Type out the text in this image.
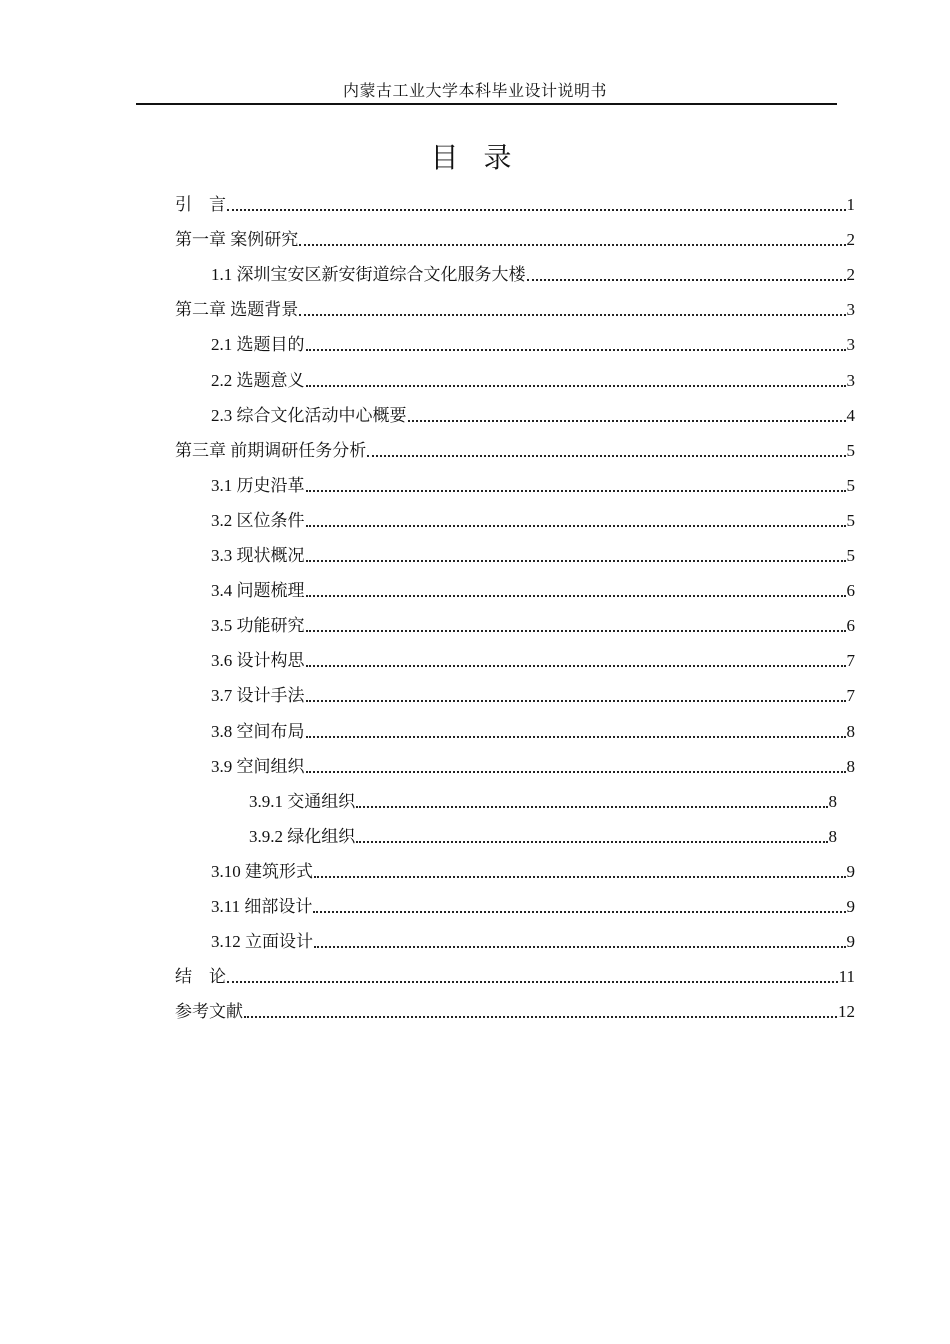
内蒙古工业大学本科毕业设计说明书
目 录
引　言	1
第一章 案例研究	2
1.1 深圳宝安区新安街道综合文化服务大楼	2
第二章 选题背景	3
2.1 选题目的	3
2.2 选题意义	3
2.3 综合文化活动中心概要	4
第三章 前期调研任务分析	5
3.1 历史沿革	5
3.2 区位条件	5
3.3 现状概况	5
3.4 问题梳理	6
3.5 功能研究	6
3.6 设计构思	7
3.7 设计手法	7
3.8 空间布局	8
3.9 空间组织	8
3.9.1 交通组织	8
3.9.2 绿化组织	8
3.10 建筑形式	9
3.11 细部设计	9
3.12 立面设计	9
结　论	11
参考文献	12
